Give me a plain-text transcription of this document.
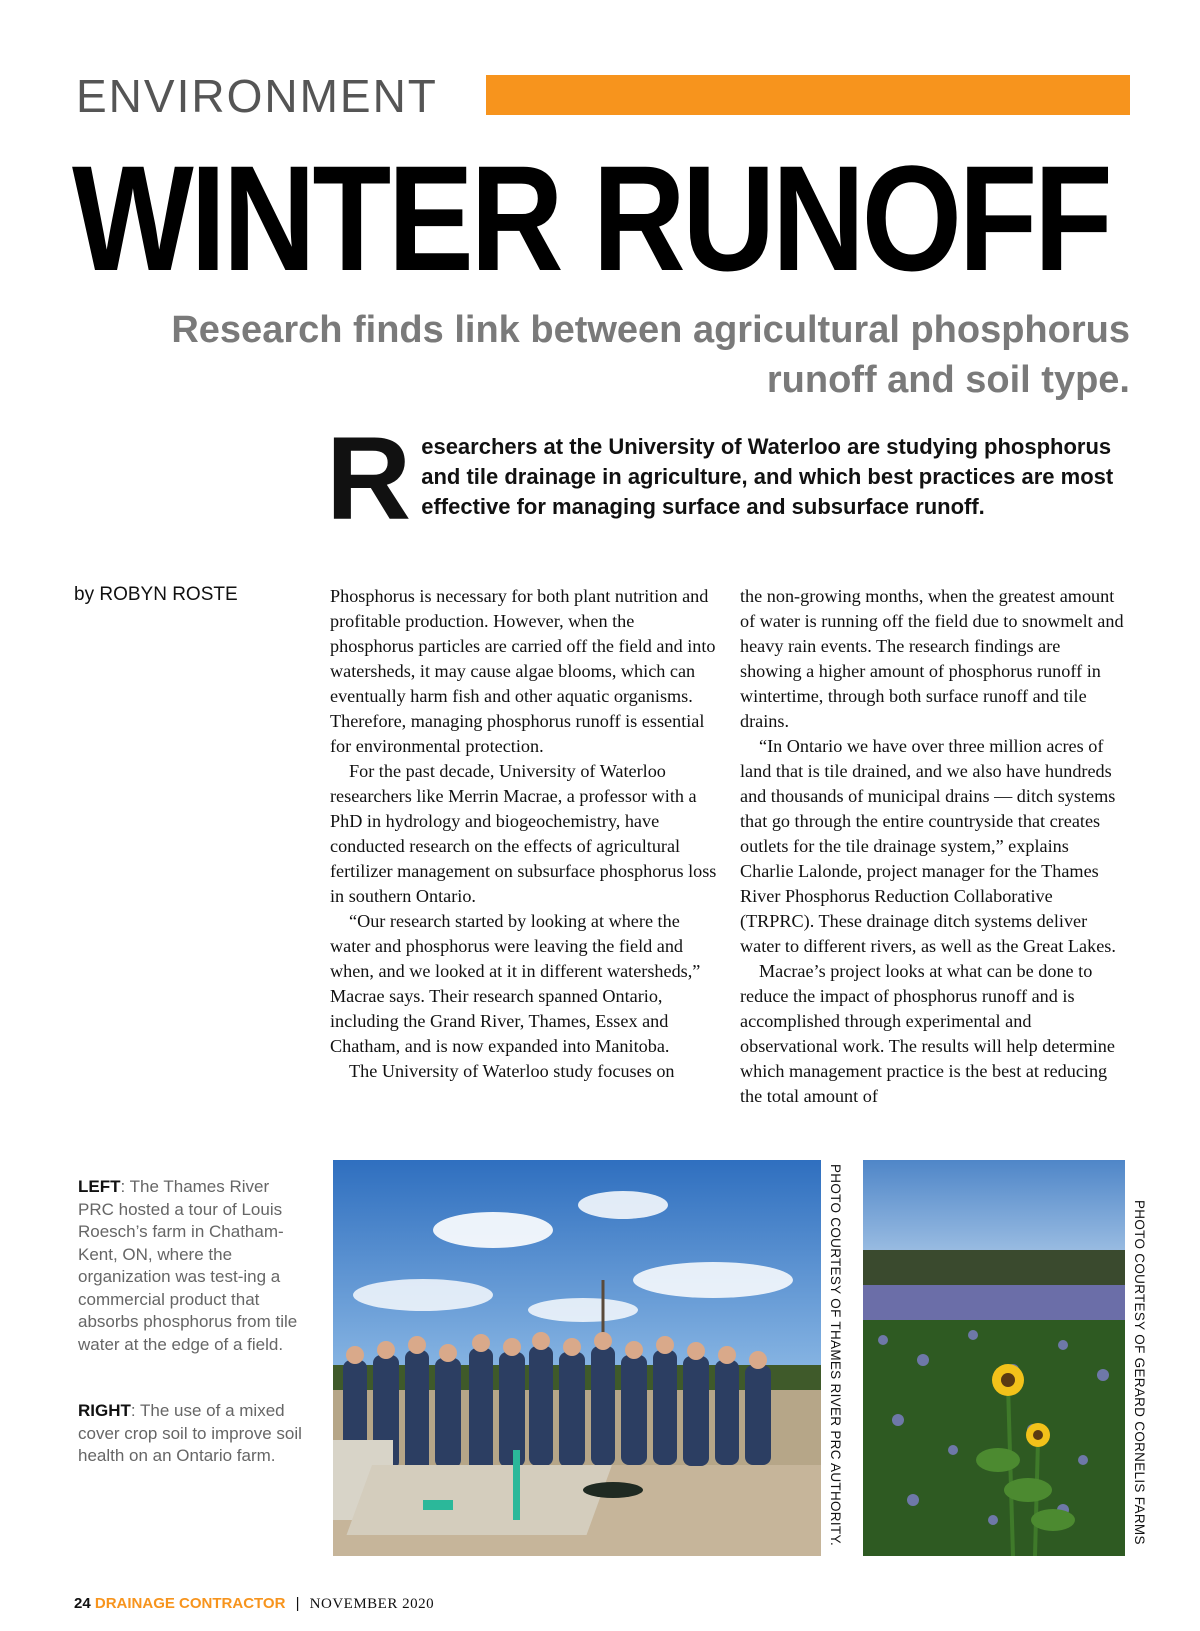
ENVIRONMENT
WINTER RUNOFF
Research finds link between agricultural phosphorus runoff and soil type.
Researchers at the University of Waterloo are studying phosphorus and tile drainage in agriculture, and which best practices are most effective for managing surface and subsurface runoff.
by ROBYN ROSTE	Phosphorus is necessary for both plant nutrition and profitable production. However, when the phosphorus particles are carried off the field and into watersheds, it may cause algae blooms, which can eventually harm fish and other aquatic organisms. Therefore, managing phosphorus runoff is essential for environmental protection.

For the past decade, University of Waterloo researchers like Merrin Macrae, a professor with a PhD in hydrology and biogeochemistry, have conducted research on the effects of agricultural fertilizer management on subsurface phosphorus loss in southern Ontario.

“Our research started by looking at where the water and phosphorus were leaving the field and when, and we looked at it in different watersheds,” Macrae says. Their research spanned Ontario, including the Grand River, Thames, Essex and Chatham, and is now expanded into Manitoba.

The University of Waterloo study focuses on

the non-growing months, when the greatest amount of water is running off the field due to snowmelt and heavy rain events. The research findings are showing a higher amount of phosphorus runoff in wintertime, through both surface runoff and tile drains.

“In Ontario we have over three million acres of land that is tile drained, and we also have hundreds and thousands of municipal drains — ditch systems that go through the entire countryside that creates outlets for the tile drainage system,” explains Charlie Lalonde, project manager for the Thames River Phosphorus Reduction Collaborative (TRPRC). These drainage ditch systems deliver water to different rivers, as well as the Great Lakes.

Macrae’s project looks at what can be done to reduce the impact of phosphorus runoff and is accomplished through experimental and observational work. The results will help determine which management practice is the best at reducing the total amount of

LEFT: The Thames River PRC hosted a tour of Louis Roesch’s farm in Chatham-Kent, ON, where the organization was test-ing a commercial product that absorbs phosphorus from tile water at the edge of a field.
RIGHT: The use of a mixed cover crop soil to improve soil health on an Ontario farm.	PHOTO COURTESY OF THAMES RIVER PRC AUTHORITY.	PHOTO COURTESY OF GERARD CORNELIS FARMS
24 DRAINAGE CONTRACTOR | NOVEMBER 2020
